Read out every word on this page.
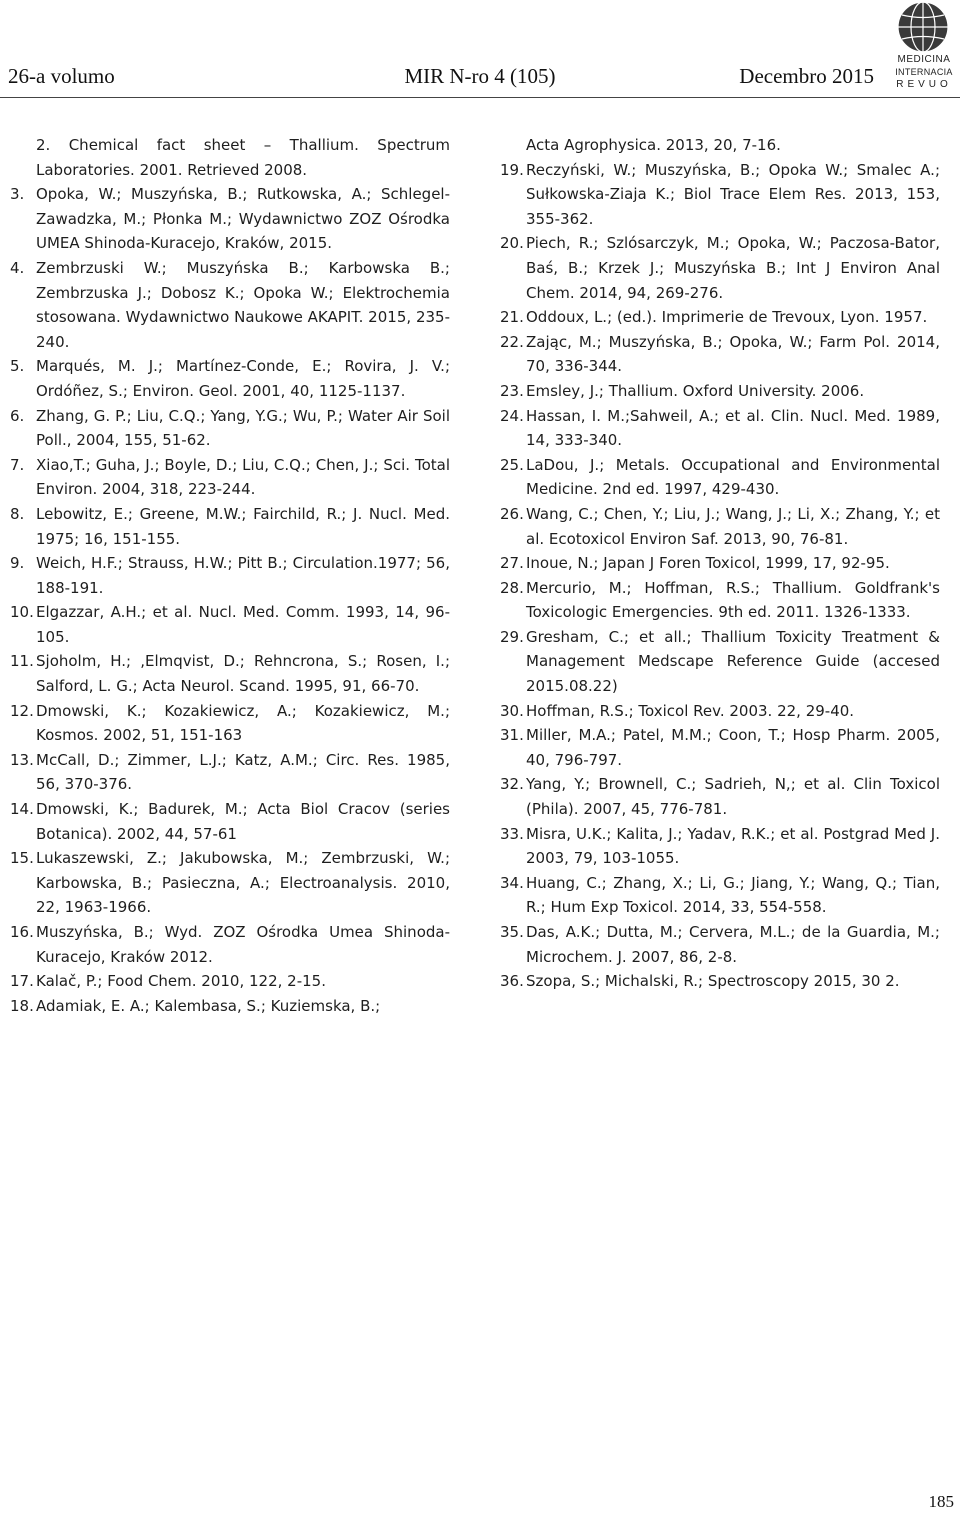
26-a volumo	MIR N-ro 4 (105)	Decembro 2015
MEDICINA
INTERNACIA
REVUO
2. Chemical fact sheet – Thallium. Spectrum Laboratories. 2001. Retrieved 2008.
3. Opoka, W.; Muszyńska, B.; Rutkowska, A.; Schlegel-Zawadzka, M.; Płonka M.; Wydawnictwo ZOZ Ośrodka UMEA Shinoda-Kuracejo, Kraków, 2015.
4. Zembrzuski W.; Muszyńska B.; Karbowska B.; Zembrzuska J.; Dobosz K.; Opoka W.; Elektrochemia stosowana. Wydawnictwo Naukowe AKAPIT. 2015, 235-240.
5. Marqués, M. J.; Martínez-Conde, E.; Rovira, J. V.; Ordóñez, S.; Environ. Geol. 2001, 40, 1125-1137.
6. Zhang, G. P.; Liu, C.Q.; Yang, Y.G.; Wu, P.; Water Air Soil Poll., 2004, 155, 51-62.
7. Xiao,T.; Guha, J.; Boyle, D.; Liu, C.Q.; Chen, J.; Sci. Total Environ. 2004, 318, 223-244.
8. Lebowitz, E.; Greene, M.W.; Fairchild, R.; J. Nucl. Med. 1975; 16, 151-155.
9. Weich, H.F.; Strauss, H.W.; Pitt B.; Circulation.1977; 56, 188-191.
10. Elgazzar, A.H.; et al. Nucl. Med. Comm. 1993, 14, 96-105.
11. Sjoholm, H.; ,Elmqvist, D.; Rehncrona, S.; Rosen, I.; Salford, L. G.; Acta Neurol. Scand. 1995, 91, 66-70.
12. Dmowski, K.; Kozakiewicz, A.; Kozakiewicz, M.; Kosmos. 2002, 51, 151-163
13. McCall, D.; Zimmer, L.J.; Katz, A.M.; Circ. Res. 1985, 56, 370-376.
14. Dmowski, K.; Badurek, M.; Acta Biol Cracov (series Botanica). 2002, 44, 57-61
15. Lukaszewski, Z.; Jakubowska, M.; Zembrzuski, W.; Karbowska, B.; Pasieczna, A.; Electroanalysis. 2010, 22, 1963-1966.
16. Muszyńska, B.; Wyd. ZOZ Ośrodka Umea Shinoda-Kuracejo, Kraków 2012.
17. Kalač, P.; Food Chem. 2010, 122, 2-15.
18. Adamiak, E. A.; Kalembasa, S.; Kuziemska, B.;
Acta Agrophysica. 2013, 20, 7-16.
19. Reczyński, W.; Muszyńska, B.; Opoka W.; Smalec A.; Sułkowska-Ziaja K.; Biol Trace Elem Res. 2013, 153, 355-362.
20. Piech, R.; Szlósarczyk, M.; Opoka, W.; Paczosa-Bator, Baś, B.; Krzek J.; Muszyńska B.; Int J Environ Anal Chem. 2014, 94, 269-276.
21. Oddoux, L.; (ed.). Imprimerie de Trevoux, Lyon. 1957.
22. Zając, M.; Muszyńska, B.; Opoka, W.; Farm Pol. 2014, 70, 336-344.
23. Emsley, J.; Thallium. Oxford University. 2006.
24. Hassan, I. M.;Sahweil, A.; et al. Clin. Nucl. Med. 1989, 14, 333-340.
25. LaDou, J.; Metals. Occupational and Environmental Medicine. 2nd ed. 1997, 429-430.
26. Wang, C.; Chen, Y.; Liu, J.; Wang, J.; Li, X.; Zhang, Y.; et al. Ecotoxicol Environ Saf. 2013, 90, 76-81.
27. Inoue, N.; Japan J Foren Toxicol, 1999, 17, 92-95.
28. Mercurio, M.; Hoffman, R.S.; Thallium. Goldfrank's Toxicologic Emergencies. 9th ed. 2011. 1326-1333.
29. Gresham, C.; et all.; Thallium Toxicity Treatment & Management Medscape Reference Guide (accesed 2015.08.22)
30. Hoffman, R.S.; Toxicol Rev. 2003. 22, 29-40.
31. Miller, M.A.; Patel, M.M.; Coon, T.; Hosp Pharm. 2005, 40, 796-797.
32. Yang, Y.; Brownell, C.; Sadrieh, N,; et al. Clin Toxicol (Phila). 2007, 45, 776-781.
33. Misra, U.K.; Kalita, J.; Yadav, R.K.; et al. Postgrad Med J. 2003, 79, 103-1055.
34. Huang, C.; Zhang, X.; Li, G.; Jiang, Y.; Wang, Q.; Tian, R.; Hum Exp Toxicol. 2014, 33, 554-558.
35. Das, A.K.; Dutta, M.; Cervera, M.L.; de la Guardia, M.; Microchem. J. 2007, 86, 2-8.
36. Szopa, S.; Michalski, R.; Spectroscopy 2015, 30 2.
185
